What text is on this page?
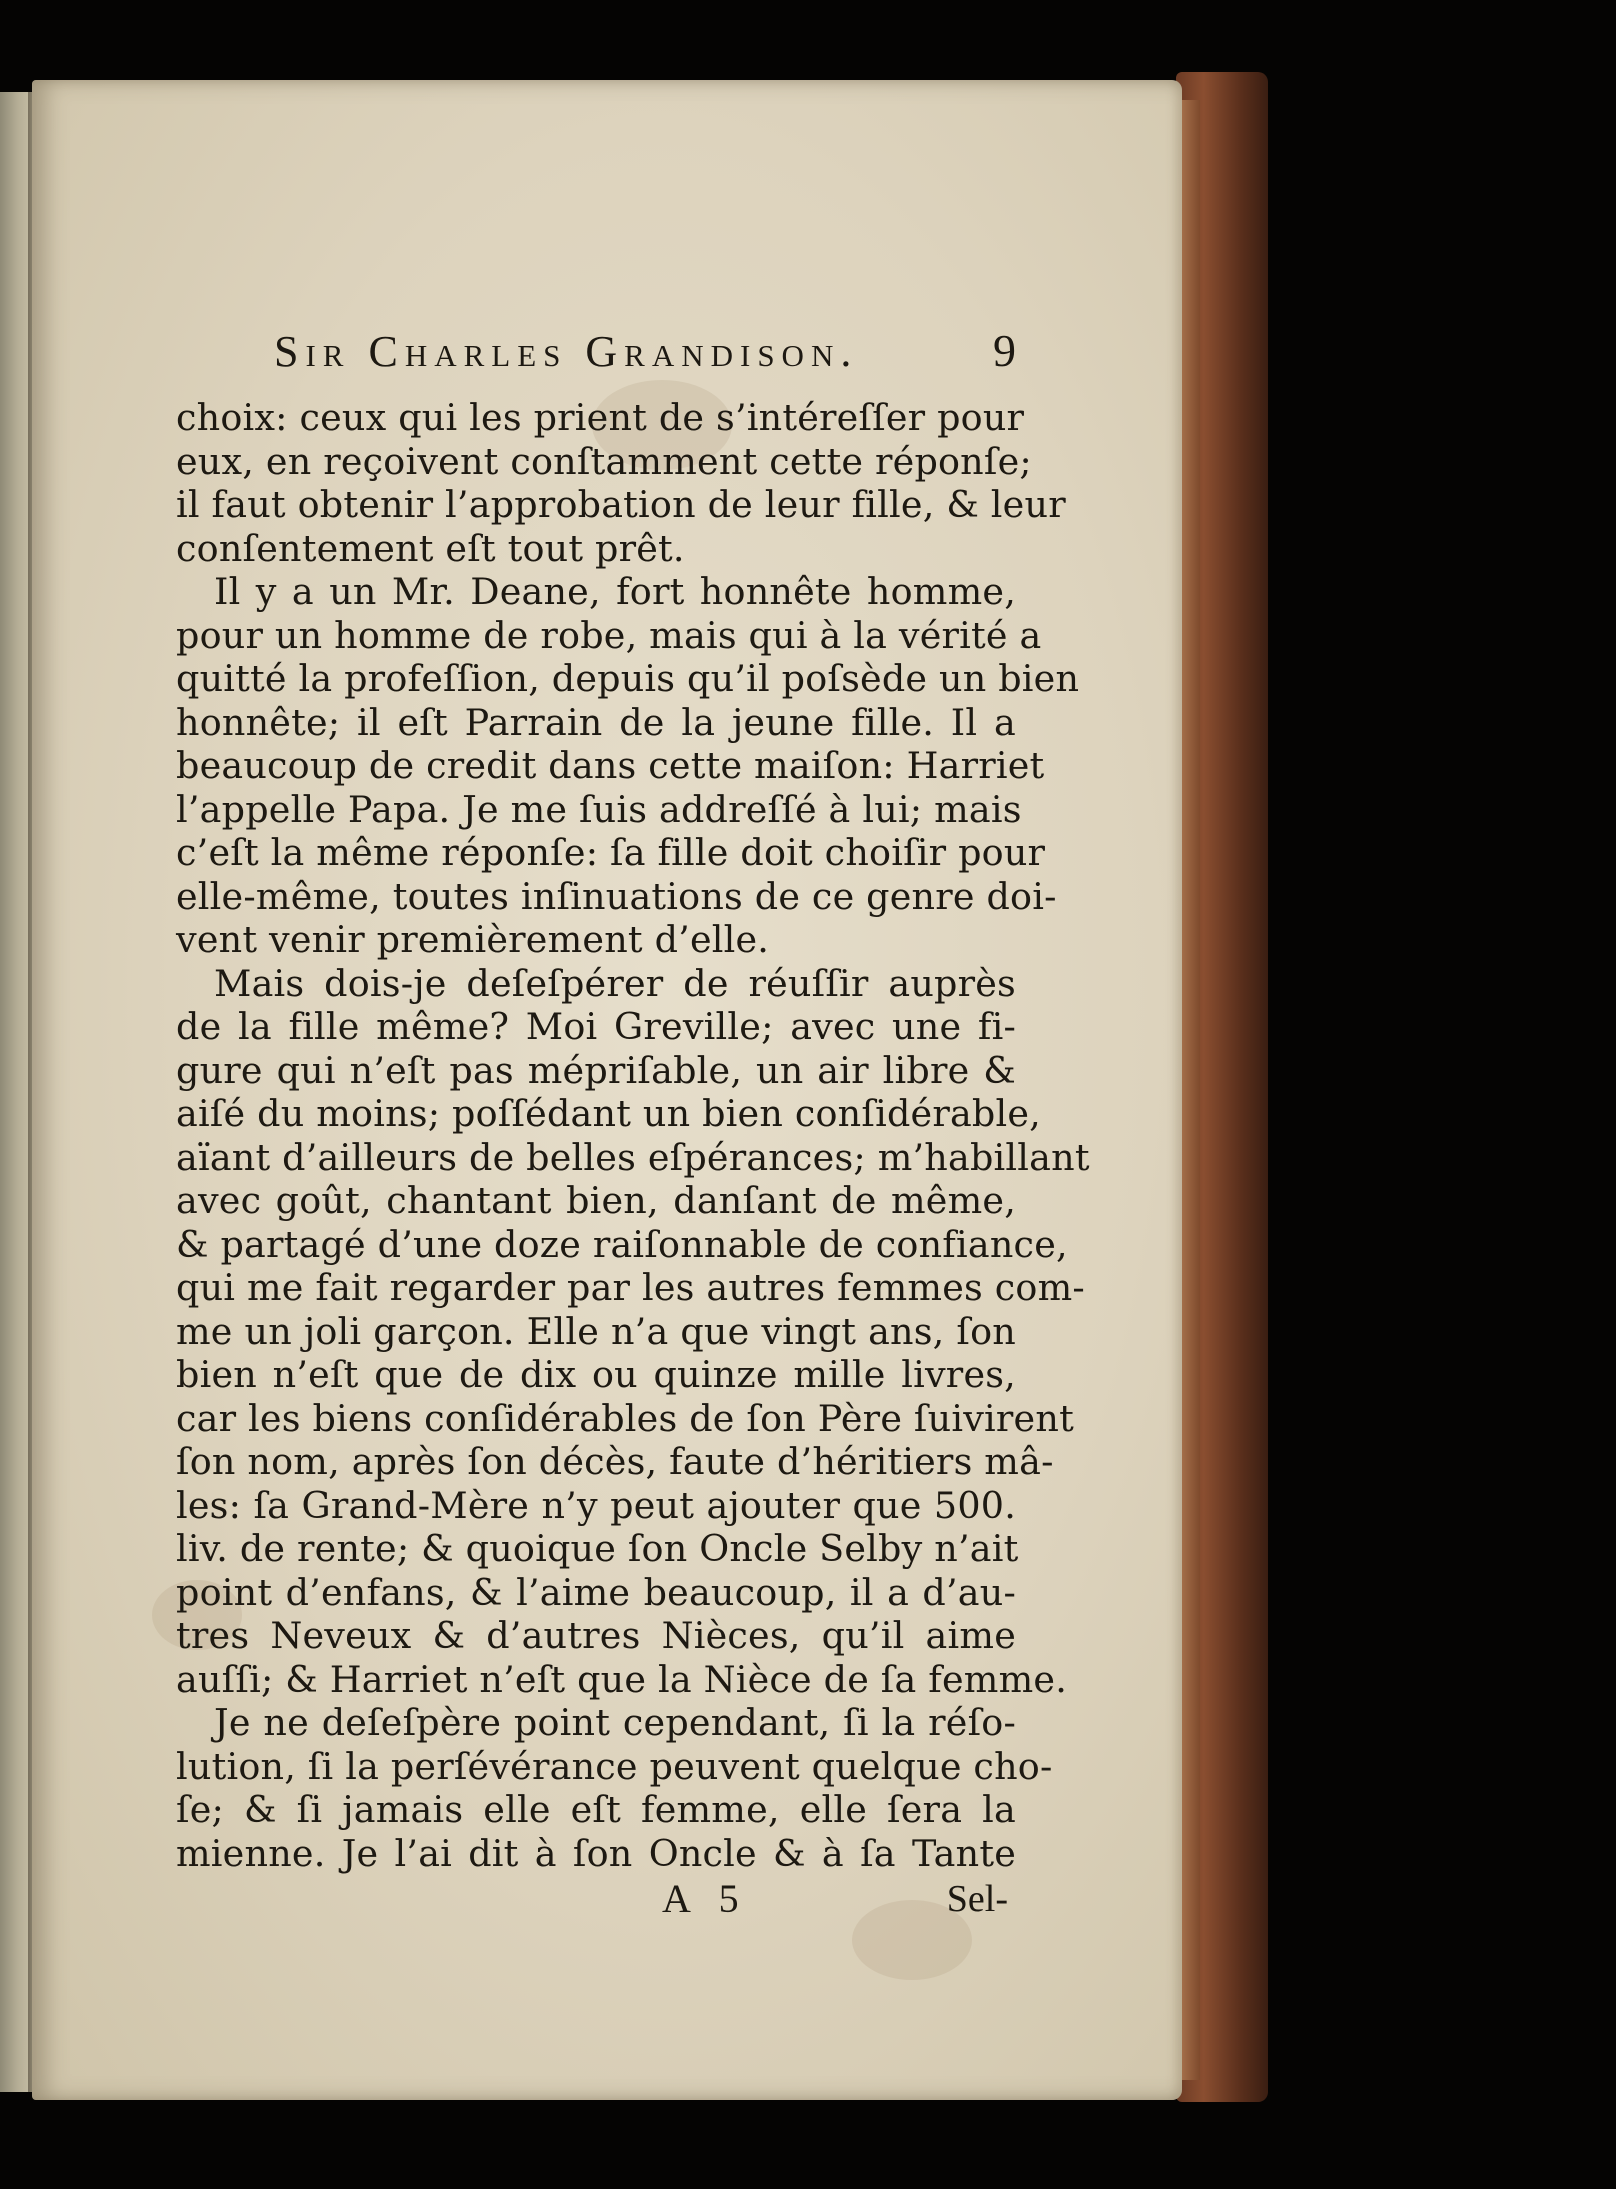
Sir Charles Grandison.	9
choix: ceux qui les prient de s’intéreſſer pour
eux, en reçoivent conſtamment cette réponſe;
il faut obtenir l’approbation de leur fille, & leur
conſentement eſt tout prêt.
Il y a un Mr. Deane, fort honnête homme,
pour un homme de robe, mais qui à la vérité a
quitté la profeſſion, depuis qu’il poſsède un bien
honnête; il eſt Parrain de la jeune fille. Il a
beaucoup de credit dans cette maiſon: Harriet
l’appelle Papa. Je me ſuis addreſſé à lui; mais
c’eſt la même réponſe: ſa fille doit choiſir pour
elle-même, toutes inſinuations de ce genre doi-
vent venir premièrement d’elle.
Mais dois-je deſeſpérer de réuſſir auprès
de la fille même? Moi Greville; avec une fi-
gure qui n’eſt pas mépriſable, un air libre &
aiſé du moins; poſſédant un bien conſidérable,
aïant d’ailleurs de belles eſpérances; m’habillant
avec goût, chantant bien, danſant de même,
& partagé d’une doze raiſonnable de confiance,
qui me fait regarder par les autres femmes com-
me un joli garçon. Elle n’a que vingt ans, ſon
bien n’eſt que de dix ou quinze mille livres,
car les biens conſidérables de ſon Père ſuivirent
ſon nom, après ſon décès, faute d’héritiers mâ-
les: ſa Grand-Mère n’y peut ajouter que 500.
liv. de rente; & quoique ſon Oncle Selby n’ait
point d’enfans, & l’aime beaucoup, il a d’au-
tres Neveux & d’autres Nièces, qu’il aime
auſſi; & Harriet n’eſt que la Nièce de ſa femme.
Je ne deſeſpère point cependant, ſi la réſo-
lution, ſi la perſévérance peuvent quelque cho-
ſe; & ſi jamais elle eſt femme, elle ſera la
mienne. Je l’ai dit à ſon Oncle & à ſa Tante
A 5	Sel-
